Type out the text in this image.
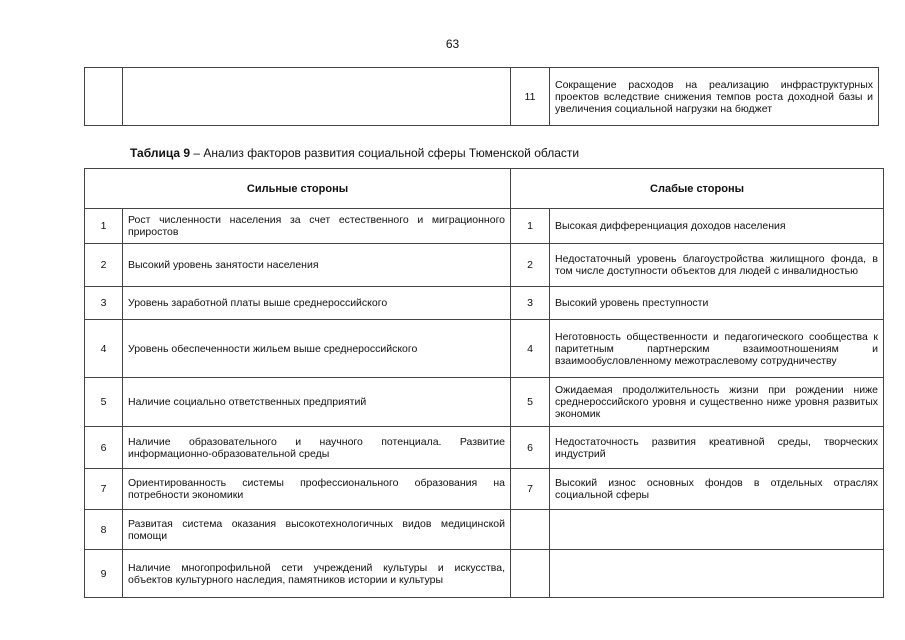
63
		11	Сокращение расходов на реализацию инфраструктурных проектов вследствие снижения темпов роста доходной базы и увеличения социальной нагрузки на бюджет
Таблица 9 – Анализ факторов развития социальной сферы Тюменской области
Сильные стороны		Слабые стороны	
1	Рост численности населения за счет естественного и миграционного приростов	1	Высокая дифференциация доходов населения
2	Высокий уровень занятости населения	2	Недостаточный уровень благоустройства жилищного фонда, в том числе доступности объектов для людей с инвалидностью
3	Уровень заработной платы выше среднероссийского	3	Высокий уровень преступности
4	Уровень обеспеченности жильем выше среднероссийского	4	Неготовность общественности и педагогического сообщества к паритетным партнерским взаимоотношениям и взаимообусловленному межотраслевому сотрудничеству
5	Наличие социально ответственных предприятий	5	Ожидаемая продолжительность жизни при рождении ниже среднероссийского уровня и существенно ниже уровня развитых экономик
6	Наличие образовательного и научного потенциала. Развитие информационно-образовательной среды	6	Недостаточность развития креативной среды, творческих индустрий
7	Ориентированность системы профессионального образования на потребности экономики	7	Высокий износ основных фондов в отдельных отраслях социальной сферы
8	Развитая система оказания высокотехнологичных видов медицинской помощи		
9	Наличие многопрофильной сети учреждений культуры и искусства, объектов культурного наследия, памятников истории и культуры		
